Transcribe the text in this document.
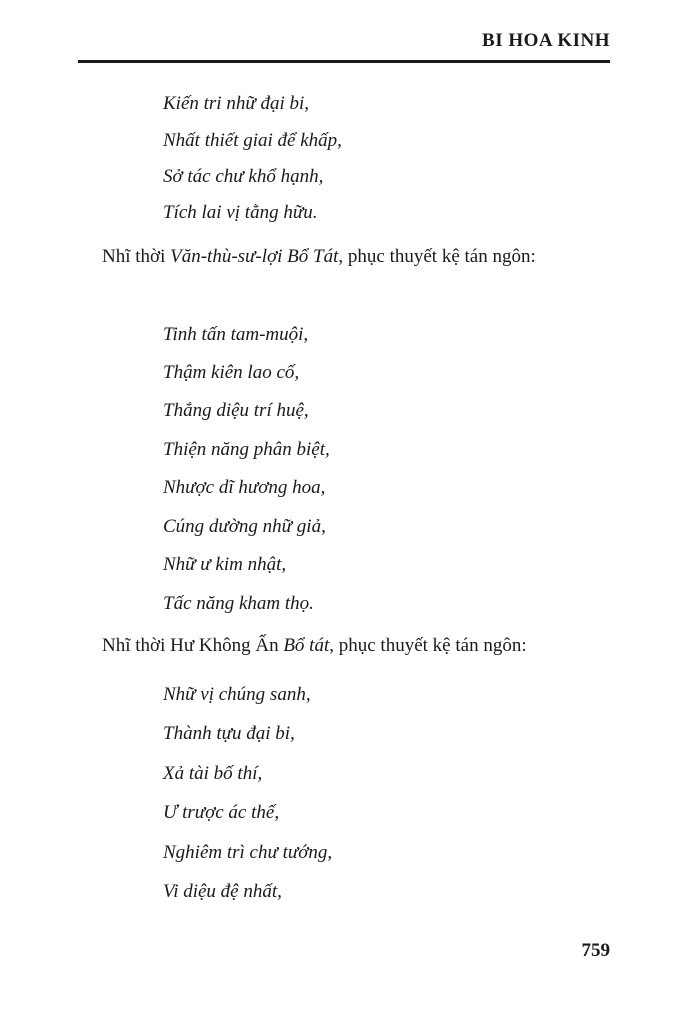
BI HOA KINH
Kiến tri nhữ đại bi,
Nhất thiết giai để khấp,
Sở tác chư khổ hạnh,
Tích lai vị tằng hữu.
Nhĩ thời Văn-thù-sư-lợi Bổ Tát, phục thuyết kệ tán ngôn:
Tinh tấn tam-muội,
Thậm kiên lao cố,
Thắng diệu trí huệ,
Thiện năng phân biệt,
Nhược dĩ hương hoa,
Cúng dường nhữ giả,
Nhữ ư kim nhật,
Tấc năng kham thọ.
Nhĩ thời Hư Không Ấn Bổ tát, phục thuyết kệ tán ngôn:
Nhữ vị chúng sanh,
Thành tựu đại bi,
Xả tài bố thí,
Ư trược ác thế,
Nghiêm trì chư tướng,
Vi diệu đệ nhất,
759
